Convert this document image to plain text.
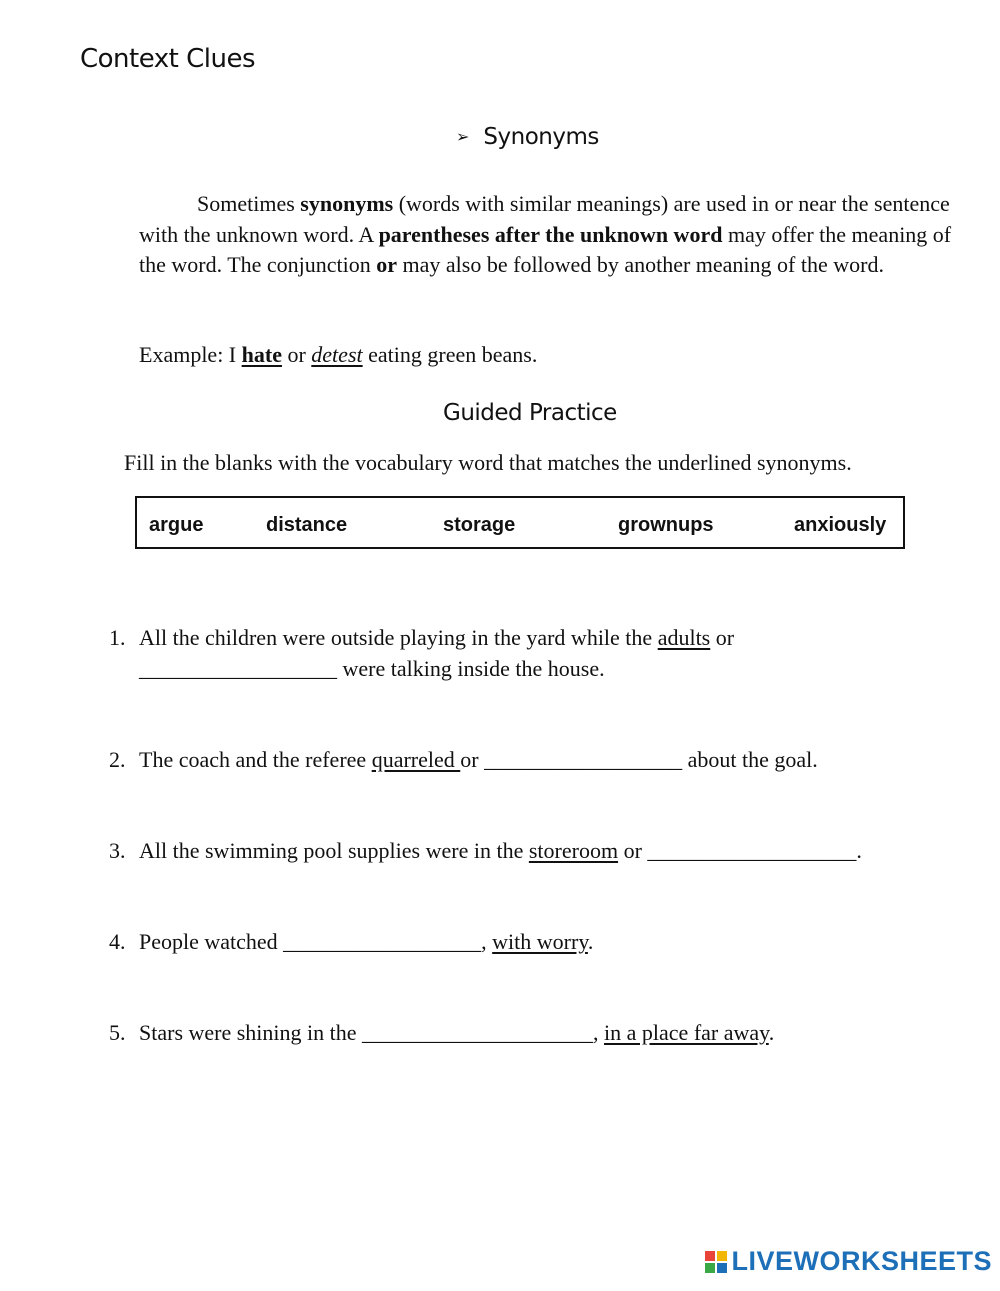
Context Clues
➢ Synonyms
Sometimes synonyms (words with similar meanings) are used in or near the sentence with the unknown word. A parentheses after the unknown word may offer the meaning of the word. The conjunction or may also be followed by another meaning of the word.
Example: I hate or detest eating green beans.
Guided Practice
Fill in the blanks with the vocabulary word that matches the underlined synonyms.
argue	distance	storage	grownups	anxiously
1. All the children were outside playing in the yard while the adults or
__________________ were talking inside the house.
2. The coach and the referee quarreled or __________________ about the goal.
3. All the swimming pool supplies were in the storeroom or ___________________.
4. People watched __________________, with worry.
5. Stars were shining in the _____________________, in a place far away.
LIVEWORKSHEETS
